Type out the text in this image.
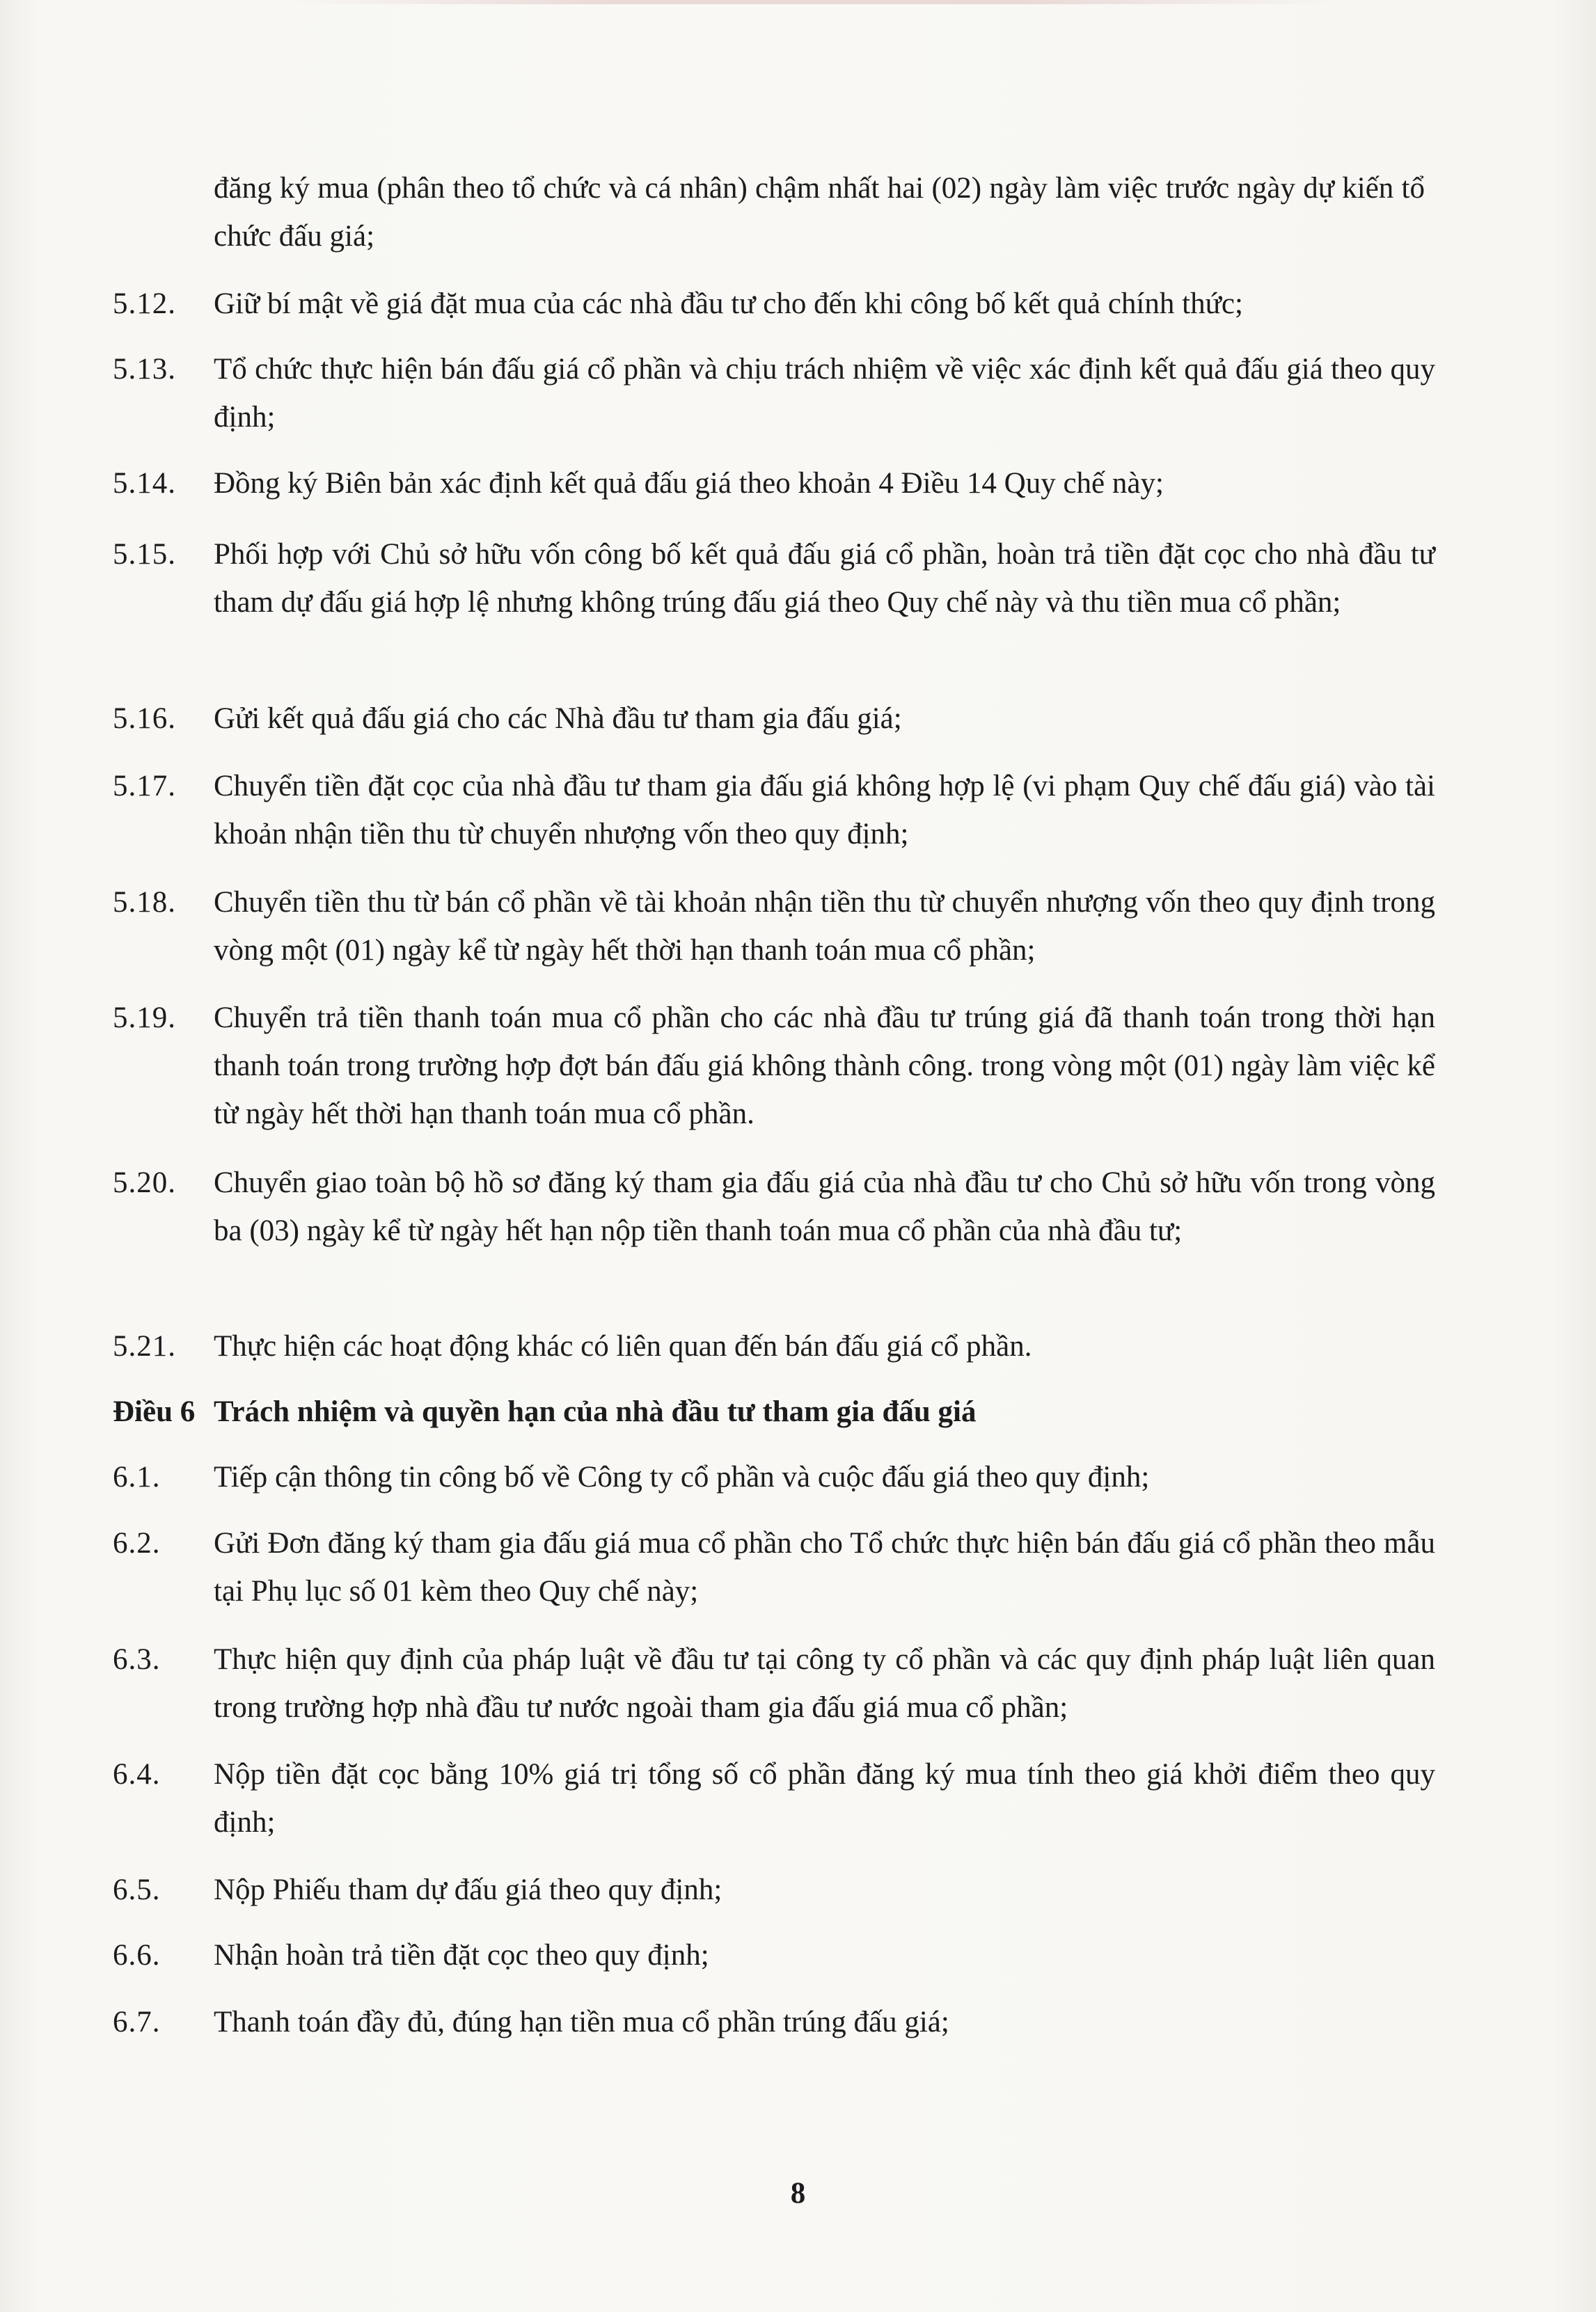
đăng ký mua (phân theo tổ chức và cá nhân) chậm nhất hai (02) ngày làm việc trước ngày dự kiến tổ chức đấu giá;
5.12.	Giữ bí mật về giá đặt mua của các nhà đầu tư cho đến khi công bố kết quả chính thức;
5.13.	Tổ chức thực hiện bán đấu giá cổ phần và chịu trách nhiệm về việc xác định kết quả đấu giá theo quy định;
5.14.	Đồng ký Biên bản xác định kết quả đấu giá theo khoản 4 Điều 14 Quy chế này;
5.15.	Phối hợp với Chủ sở hữu vốn công bố kết quả đấu giá cổ phần, hoàn trả tiền đặt cọc cho nhà đầu tư tham dự đấu giá hợp lệ nhưng không trúng đấu giá theo Quy chế này và thu tiền mua cổ phần;
5.16.	Gửi kết quả đấu giá cho các Nhà đầu tư tham gia đấu giá;
5.17.	Chuyển tiền đặt cọc của nhà đầu tư tham gia đấu giá không hợp lệ (vi phạm Quy chế đấu giá) vào tài khoản nhận tiền thu từ chuyển nhượng vốn theo quy định;
5.18.	Chuyển tiền thu từ bán cổ phần về tài khoản nhận tiền thu từ chuyển nhượng vốn theo quy định trong vòng một (01) ngày kể từ ngày hết thời hạn thanh toán mua cổ phần;
5.19.	Chuyển trả tiền thanh toán mua cổ phần cho các nhà đầu tư trúng giá đã thanh toán trong thời hạn thanh toán trong trường hợp đợt bán đấu giá không thành công. trong vòng một (01) ngày làm việc kể từ ngày hết thời hạn thanh toán mua cổ phần.
5.20.	Chuyển giao toàn bộ hồ sơ đăng ký tham gia đấu giá của nhà đầu tư cho Chủ sở hữu vốn trong vòng ba (03) ngày kể từ ngày hết hạn nộp tiền thanh toán mua cổ phần của nhà đầu tư;
5.21.	Thực hiện các hoạt động khác có liên quan đến bán đấu giá cổ phần.
Điều 6 Trách nhiệm và quyền hạn của nhà đầu tư tham gia đấu giá
6.1.	Tiếp cận thông tin công bố về Công ty cổ phần và cuộc đấu giá theo quy định;
6.2.	Gửi Đơn đăng ký tham gia đấu giá mua cổ phần cho Tổ chức thực hiện bán đấu giá cổ phần theo mẫu tại Phụ lục số 01 kèm theo Quy chế này;
6.3.	Thực hiện quy định của pháp luật về đầu tư tại công ty cổ phần và các quy định pháp luật liên quan trong trường hợp nhà đầu tư nước ngoài tham gia đấu giá mua cổ phần;
6.4.	Nộp tiền đặt cọc bằng 10% giá trị tổng số cổ phần đăng ký mua tính theo giá khởi điểm theo quy định;
6.5.	Nộp Phiếu tham dự đấu giá theo quy định;
6.6.	Nhận hoàn trả tiền đặt cọc theo quy định;
6.7.	Thanh toán đầy đủ, đúng hạn tiền mua cổ phần trúng đấu giá;
8
